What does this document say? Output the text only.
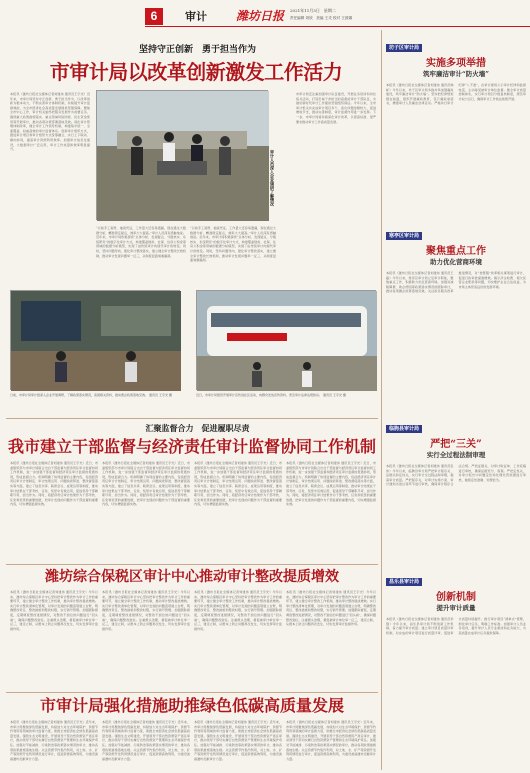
6	审计 潍坊日报 2021年11月3日　星期二
责任编辑 刘欣　美编 王灵 校对 王波娜
坚持守正创新　勇于担当作为
市审计局以改革创新激发工作活力
本报讯（潍坊日报社全媒体记者刘建伟 通讯员王宇光）近年来，市审计局坚持守正创新、勇于担当作为，以改革创新为根本动力，不断完善审计体制机制，持续提升审计监督效能，为全市经济社会高质量发展提供坚强保障。聚焦全市中心工作，审计机关始终把服务发展作为首要任务，围绕重大政策措施落实、重点领域风险防控、民生资金使用等开展审计，推动各项决策部署落地见效。深化审计管理体制改革，健全审计工作领导机制，构建集中统一、全面覆盖、权威高效的审计监督体系。创新审计组织方式，推进审计项目和审计组织方式统筹融合，实行上下联动、横向协同，提高审计资源利用效率。加强审计信息化建设，大数据审计广泛运用，审计工作质量和效率明显提升。
审计人员深入企业调研了解情况
“以前手工查账、抽查凭证，工作量大还容易遗漏，现在通过大数据分析，精准锁定疑点，效率大大提高。”审计人员深有感触地说。近年来，市审计局积极探索“总体分析、发现疑点、分散核实、系统研究”的数字化审计方式，构建覆盖财政、社保、住房公积金等领域的数据分析模型，实现了由传统审计向现代审计的转变。同时，坚持问题导向，强化审计整改落实，建立健全审计整改长效机制，推动审计发现问题举一反三，从制度层面堵塞漏洞。
“以前手工查账、抽查凭证，工作量大还容易遗漏，现在通过大数据分析，精准锁定疑点，效率大大提高。”审计人员深有感触地说。近年来，市审计局积极探索“总体分析、发现疑点、分散核实、系统研究”的数字化审计方式，构建覆盖财政、社保、住房公积金等领域的数据分析模型，实现了由传统审计向现代审计的转变。同时，坚持问题导向，强化审计整改落实，建立健全审计整改长效机制，推动审计发现问题举一反三，从制度层面堵塞漏洞。
市审计局还注重加强审计队伍建设，开展业务培训和岗位练兵活动，打造忠诚干净担当的高素质审计干部队伍，为做好新时代审计工作提供坚强组织保证。今年以来，全市审计机关共完成审计项目多个，查出问题金额较大，促进增收节支，推动完善制度，审计监督作用进一步发挥。下一步，市审计局将持续深化审计改革，以更高标准、更严要求推动审计工作高质量发展。
日前，市审计局审计组深入企业开展调研，了解政策落实情况，查阅相关资料，推动惠企政策落地见效。 通讯员 王宇光 摄	近日，市审计局组织开展审计宣传进社区活动，向群众发放宣传资料，普及审计法律法规知识。 通讯员 王宇光 摄
汇聚监督合力　促进履职尽责
我市建立干部监督与经济责任审计监督协同工作机制
本报讯（潍坊日报社全媒体记者刘建伟 通讯员王宇光）近日，市委组织部与市审计局联合出台干部监督与经济责任审计监督协同工作机制，进一步加强干部监督和经济责任审计监督的贯通协同，形成监督合力。机制明确了协同监督的主要内容，包括经济责任审计计划制定、审计结果运用、问题线索移送、整改督促落实等方面，建立了信息共享、联席会议、成果运用等制度，推动审计结果在干部考核、任免、奖惩中有效运用，促进领导干部履职尽责、担当作为。同时，将经济责任审计结果作为干部考核、任免和奖惩的重要依据，把审计发现的问题作为干部监督的重要内容，切实增强监督实效。
本报讯（潍坊日报社全媒体记者刘建伟 通讯员王宇光）近日，市委组织部与市审计局联合出台干部监督与经济责任审计监督协同工作机制，进一步加强干部监督和经济责任审计监督的贯通协同，形成监督合力。机制明确了协同监督的主要内容，包括经济责任审计计划制定、审计结果运用、问题线索移送、整改督促落实等方面，建立了信息共享、联席会议、成果运用等制度，推动审计结果在干部考核、任免、奖惩中有效运用，促进领导干部履职尽责、担当作为。同时，将经济责任审计结果作为干部考核、任免和奖惩的重要依据，把审计发现的问题作为干部监督的重要内容，切实增强监督实效。
本报讯（潍坊日报社全媒体记者刘建伟 通讯员王宇光）近日，市委组织部与市审计局联合出台干部监督与经济责任审计监督协同工作机制，进一步加强干部监督和经济责任审计监督的贯通协同，形成监督合力。机制明确了协同监督的主要内容，包括经济责任审计计划制定、审计结果运用、问题线索移送、整改督促落实等方面，建立了信息共享、联席会议、成果运用等制度，推动审计结果在干部考核、任免、奖惩中有效运用，促进领导干部履职尽责、担当作为。同时，将经济责任审计结果作为干部考核、任免和奖惩的重要依据，把审计发现的问题作为干部监督的重要内容，切实增强监督实效。
本报讯（潍坊日报社全媒体记者刘建伟 通讯员王宇光）近日，市委组织部与市审计局联合出台干部监督与经济责任审计监督协同工作机制，进一步加强干部监督和经济责任审计监督的贯通协同，形成监督合力。机制明确了协同监督的主要内容，包括经济责任审计计划制定、审计结果运用、问题线索移送、整改督促落实等方面，建立了信息共享、联席会议、成果运用等制度，推动审计结果在干部考核、任免、奖惩中有效运用，促进领导干部履职尽责、担当作为。同时，将经济责任审计结果作为干部考核、任免和奖惩的重要依据，把审计发现的问题作为干部监督的重要内容，切实增强监督实效。
潍坊综合保税区审计中心推动审计整改提质增效
本报讯（潍坊日报社全媒体记者刘建伟 通讯员王宇光）今年以来，潍坊综合保税区审计中心坚持把审计整改作为审计工作的重要环节，建立健全审计整改工作机制，推动审计整改提质增效。实行审计整改清单化管理，对审计发现的问题逐项建立台账，明确整改责任、整改措施和整改时限，实行销号管理。加强跟踪督促，定期调度整改进展情况，对整改不到位的问题进行“回头看”，确保问题整改到位。注重源头治理，督促被审计单位举一反三，建章立制，从根本上防止问题再次发生，切实发挥审计监督作用。
本报讯（潍坊日报社全媒体记者刘建伟 通讯员王宇光）今年以来，潍坊综合保税区审计中心坚持把审计整改作为审计工作的重要环节，建立健全审计整改工作机制，推动审计整改提质增效。实行审计整改清单化管理，对审计发现的问题逐项建立台账，明确整改责任、整改措施和整改时限，实行销号管理。加强跟踪督促，定期调度整改进展情况，对整改不到位的问题进行“回头看”，确保问题整改到位。注重源头治理，督促被审计单位举一反三，建章立制，从根本上防止问题再次发生，切实发挥审计监督作用。
本报讯（潍坊日报社全媒体记者刘建伟 通讯员王宇光）今年以来，潍坊综合保税区审计中心坚持把审计整改作为审计工作的重要环节，建立健全审计整改工作机制，推动审计整改提质增效。实行审计整改清单化管理，对审计发现的问题逐项建立台账，明确整改责任、整改措施和整改时限，实行销号管理。加强跟踪督促，定期调度整改进展情况，对整改不到位的问题进行“回头看”，确保问题整改到位。注重源头治理，督促被审计单位举一反三，建章立制，从根本上防止问题再次发生，切实发挥审计监督作用。
本报讯（潍坊日报社全媒体记者刘建伟 通讯员王宇光）今年以来，潍坊综合保税区审计中心坚持把审计整改作为审计工作的重要环节，建立健全审计整改工作机制，推动审计整改提质增效。实行审计整改清单化管理，对审计发现的问题逐项建立台账，明确整改责任、整改措施和整改时限，实行销号管理。加强跟踪督促，定期调度整改进展情况，对整改不到位的问题进行“回头看”，确保问题整改到位。注重源头治理，督促被审计单位举一反三，建章立制，从根本上防止问题再次发生，切实发挥审计监督作用。
市审计局强化措施助推绿色低碳高质量发展
本报讯（潍坊日报社全媒体记者刘建伟 通讯员王宇光）近年来，市审计局聚焦绿色低碳发展，持续加大对生态环境保护、资源节约利用等领域的审计监督力度，助推全市经济社会绿色低碳高质量发展。围绕生态文明建设，开展领导干部自然资源资产离任审计，推动领导干部切实履行自然资源资产管理和生态环境保护责任。加强对节能减排、污染防治等政策落实情况的审计，推动各项政策措施落地生根。关注资源节约集约利用，对土地、水、矿产等资源开发利用情况进行审计，促进资源高效利用，为建设美丽潍坊贡献审计力量。
本报讯（潍坊日报社全媒体记者刘建伟 通讯员王宇光）近年来，市审计局聚焦绿色低碳发展，持续加大对生态环境保护、资源节约利用等领域的审计监督力度，助推全市经济社会绿色低碳高质量发展。围绕生态文明建设，开展领导干部自然资源资产离任审计，推动领导干部切实履行自然资源资产管理和生态环境保护责任。加强对节能减排、污染防治等政策落实情况的审计，推动各项政策措施落地生根。关注资源节约集约利用，对土地、水、矿产等资源开发利用情况进行审计，促进资源高效利用，为建设美丽潍坊贡献审计力量。
本报讯（潍坊日报社全媒体记者刘建伟 通讯员王宇光）近年来，市审计局聚焦绿色低碳发展，持续加大对生态环境保护、资源节约利用等领域的审计监督力度，助推全市经济社会绿色低碳高质量发展。围绕生态文明建设，开展领导干部自然资源资产离任审计，推动领导干部切实履行自然资源资产管理和生态环境保护责任。加强对节能减排、污染防治等政策落实情况的审计，推动各项政策措施落地生根。关注资源节约集约利用，对土地、水、矿产等资源开发利用情况进行审计，促进资源高效利用，为建设美丽潍坊贡献审计力量。
本报讯（潍坊日报社全媒体记者刘建伟 通讯员王宇光）近年来，市审计局聚焦绿色低碳发展，持续加大对生态环境保护、资源节约利用等领域的审计监督力度，助推全市经济社会绿色低碳高质量发展。围绕生态文明建设，开展领导干部自然资源资产离任审计，推动领导干部切实履行自然资源资产管理和生态环境保护责任。加强对节能减排、污染防治等政策落实情况的审计，推动各项政策措施落地生根。关注资源节约集约利用，对土地、水、矿产等资源开发利用情况进行审计，促进资源高效利用，为建设美丽潍坊贡献审计力量。
坊子区审计局
实施多项举措
筑牢廉洁审计“防火墙”
本报讯（潍坊日报社全媒体记者刘建伟 通讯员韩彬）今年以来，坊子区审计局多措并举加强廉政建设，筑牢廉洁审计“防火墙”。坚持把纪律规矩挺在前面，组织开展廉政教育，签订廉政承诺书，增强审计人员廉洁自律意识。严格执行审计纪律“八不准”，在审计现场公示审计纪律和监督电话，主动接受被审计单位监督。健全审计质量控制体系，实行审计项目分级复核制度，规范审计权力运行，确保审计工作依法依规开展。
寒亭区审计局
聚焦重点工作
助力优化营商环境
本报讯（潍坊日报社全媒体记者刘建伟 通讯员王磊）今年以来，寒亭区审计局立足审计职能，聚焦重点工作，积极助力优化营商环境。加强对减税降费、助企纾困等政策落实情况的跟踪审计，推动各项惠企政策落地见效。关注政务服务改革推进情况，对“放管服”改革相关事项进行审计，促进行政审批提速增效。揭示涉企收费、拖欠民营企业账款等问题，切实维护企业合法权益，为市场主体营造良好的发展环境。
临朐县审计局
严把“三关”
实行全过程法制审理
本报讯（潍坊日报社全媒体记者刘建伟 通讯员张伟）今年以来，临朐县审计局严把审计程序关、证据关和定性关，实行审计全过程法制审理，提高审计质量。严把程序关，对审计实施方案、审计通知书送达等环节进行审核，确保审计程序合法合规。严把证据关，对审计取证单、工作底稿进行审核，确保证据充分、客观。严把定性关，对审计报告中问题定性和处理处罚依据进行审核，做到定性准确、处理恰当。
昌乐县审计局
创新机制
提升审计质量
本报讯（潍坊日报社全媒体记者刘建伟 通讯员李强）今年以来，昌乐县审计局不断创新工作机制，着力提升审计质量。建立审计项目质量评审机制，对完成的审计项目进行质量评审，促进审计质量持续提升。推行审计项目“清单式”管理，细化审计任务，明确工作标准。加强审计人员业务培训，提升审计人员专业素质和业务能力，为高质量完成审计任务提供保障。
